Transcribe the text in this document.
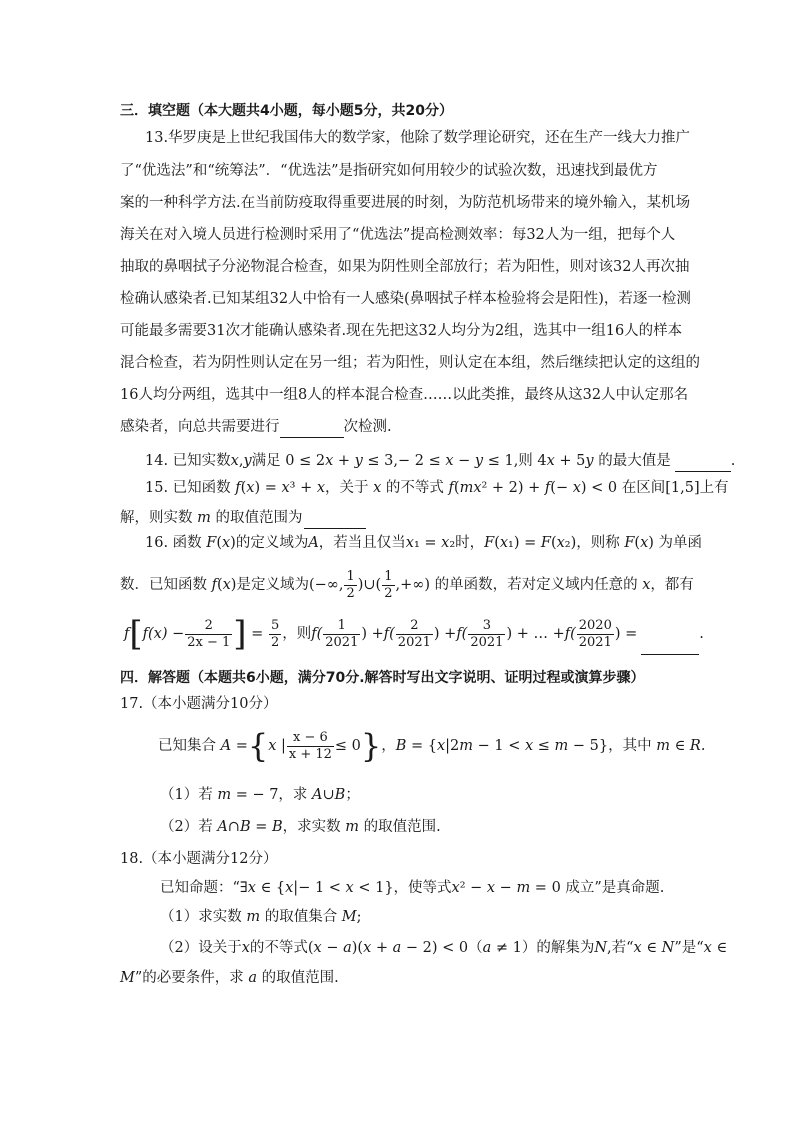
三．填空题（本大题共4小题，每小题5分，共20分）
13.华罗庚是上世纪我国伟大的数学家，他除了数学理论研究，还在生产一线大力推广
了“优选法”和“统筹法”．“优选法”是指研究如何用较少的试验次数，迅速找到最优方
案的一种科学方法.在当前防疫取得重要进展的时刻，为防范机场带来的境外输入，某机场
海关在对入境人员进行检测时采用了“优选法”提高检测效率：每32人为一组，把每个人
抽取的鼻咽拭子分泌物混合检查，如果为阴性则全部放行；若为阳性，则对该32人再次抽
检确认感染者.已知某组32人中恰有一人感染(鼻咽拭子样本检验将会是阳性)，若逐一检测
可能最多需要31次才能确认感染者.现在先把这32人均分为2组，选其中一组16人的样本
混合检查，若为阴性则认定在另一组；若为阳性，则认定在本组，然后继续把认定的这组的
16人均分两组，选其中一组8人的样本混合检查……以此类推，最终从这32人中认定那名
感染者，向总共需要进行	次检测.
14. 已知实数𝑥,𝑦满足 0 ≤ 2𝑥 + 𝑦 ≤ 3,− 2 ≤ 𝑥 − 𝑦 ≤ 1,则 4𝑥 + 5𝑦 的最大值是	.
15. 已知函数 𝑓(𝑥) = 𝑥³ + 𝑥，关于 𝑥 的不等式 𝑓(𝑚𝑥² + 2) + 𝑓(− 𝑥) < 0 在区间[1,5]上有
解，则实数 𝑚 的取值范围为
16. 函数 𝐹(𝑥)的定义域为𝐴，若当且仅当𝑥₁ = 𝑥₂时，𝐹(𝑥₁) = 𝐹(𝑥₂)，则称 𝐹(𝑥) 为单函
数．已知函数 𝑓(𝑥)是定义域为(−∞, $\frac{1}{2}$ )∪( $\frac{1}{2}$ ,+∞) 的单函数，若对定义域内任意的 𝑥，都有
$f[f(x) - \frac{2}{2x - 1}$ ] = $\frac{5}{2}$ ，则$f( \frac{1}{2021}$ ) $+f( \frac{2}{2021}$ ) $+f( \frac{3}{2021}$ ) + … $+f( \frac{2020}{2021}$ ) =	.
四．解答题（本题共6小题，满分70分.解答时写出文字说明、证明过程或演算步骤）
17.（本小题满分10分）
已知集合 𝐴 ={𝑥 | $\frac{x - 6}{x + 12} \le 0$}，𝐵 = {𝑥|2𝑚 − 1 < 𝑥 ≤ 𝑚 − 5}，其中 𝑚 ∈ 𝑅.
（1）若 𝑚 = − 7，求 𝐴∪𝐵；
（2）若 𝐴∩𝐵 = 𝐵，求实数 𝑚 的取值范围.
18.（本小题满分12分）
已知命题：“∃𝑥 ∈ {𝑥|− 1 < 𝑥 < 1}，使等式𝑥² − 𝑥 − 𝑚 = 0 成立”是真命题.
（1）求实数 𝑚 的取值集合 𝑀;
（2）设关于𝑥的不等式(𝑥 − 𝑎)(𝑥 + 𝑎 − 2) < 0（𝑎 ≠ 1）的解集为𝑁,若“𝑥 ∈ 𝑁”是“𝑥 ∈
𝑀”的必要条件，求 𝑎 的取值范围.
